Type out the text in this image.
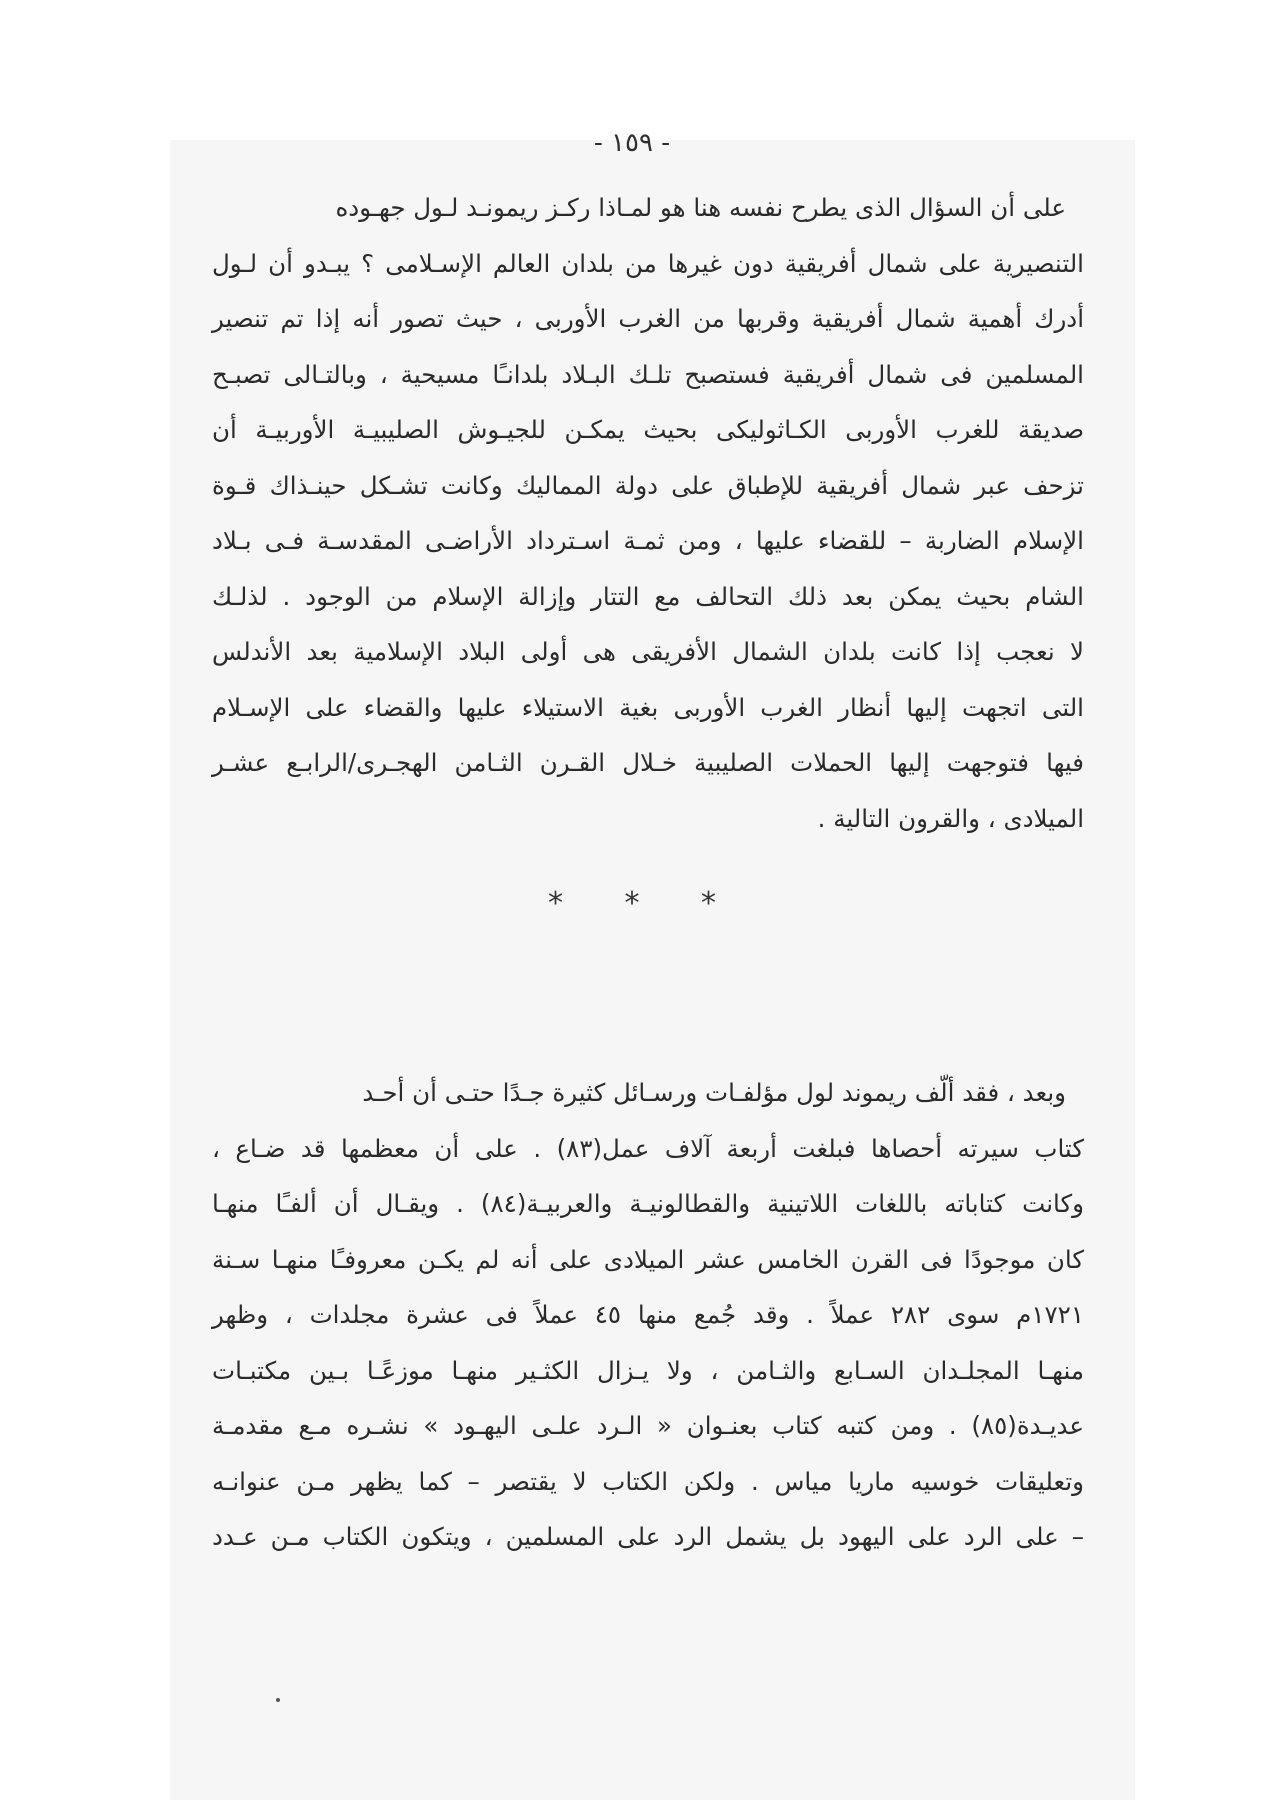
- ١٥٩ -
على أن السؤال الذى يطرح نفسه هنا هو لمـاذا ركـز ريمونـد لـول جهـوده
التنصيرية على شمال أفريقية دون غيرها من بلدان العالم الإسـلامى ؟ يبـدو أن لـول
أدرك أهمية شمال أفريقية وقربها من الغرب الأوربى ، حيث تصور أنه إذا تم تنصير
المسلمين فى شمال أفريقية فستصبح تلـك البـلاد بلدانـًا مسيحية ، وبالتـالى تصبـح
صديقة للغرب الأوربى الكـاثوليكى بحيث يمكـن للجيـوش الصليبيـة الأوربيـة أن
تزحف عبر شمال أفريقية للإطباق على دولة المماليك وكانت تشـكل حينـذاك قـوة
الإسلام الضاربة – للقضاء عليها ، ومن ثمـة اسـترداد الأراضـى المقدسـة فـى بـلاد
الشام بحيث يمكن بعد ذلك التحالف مع التتار وإزالة الإسلام من الوجود . لذلـك
لا نعجب إذا كانت بلدان الشمال الأفريقى هى أولى البلاد الإسلامية بعد الأندلس
التى اتجهت إليها أنظار الغرب الأوربى بغية الاستيلاء عليها والقضاء على الإسـلام
فيها فتوجهت إليها الحملات الصليبية خـلال القـرن الثـامن الهجـرى/الرابـع عشـر
الميلادى ، والقرون التالية .
* * *
وبعد ، فقد ألّف ريموند لول مؤلفـات ورسـائل كثيرة جـدًا حتـى أن أحـد
كتاب سيرته أحصاها فبلغت أربعة آلاف عمل(٨٣) . على أن معظمها قد ضـاع ،
وكانت كتاباته باللغات اللاتينية والقطالونيـة والعربيـة(٨٤) . ويقـال أن ألفـًا منهـا
كان موجودًا فى القرن الخامس عشر الميلادى على أنه لم يكـن معروفـًا منهـا سـنة
١٧٢١م سوى ٢٨٢ عملاً . وقد جُمع منها ٤٥ عملاً فى عشرة مجلدات ، وظهر
منهـا المجلـدان السـابع والثـامن ، ولا يـزال الكثـير منهـا موزعًـا بـين مكتبـات
عديـدة(٨٥) . ومن كتبه كتاب بعنـوان « الـرد علـى اليهـود » نشـره مـع مقدمـة
وتعليقات خوسيه ماريا مياس . ولكن الكتاب لا يقتصر – كما يظهر مـن عنوانـه
– على الرد على اليهود بل يشمل الرد على المسلمين ، ويتكون الكتاب مـن عـدد
